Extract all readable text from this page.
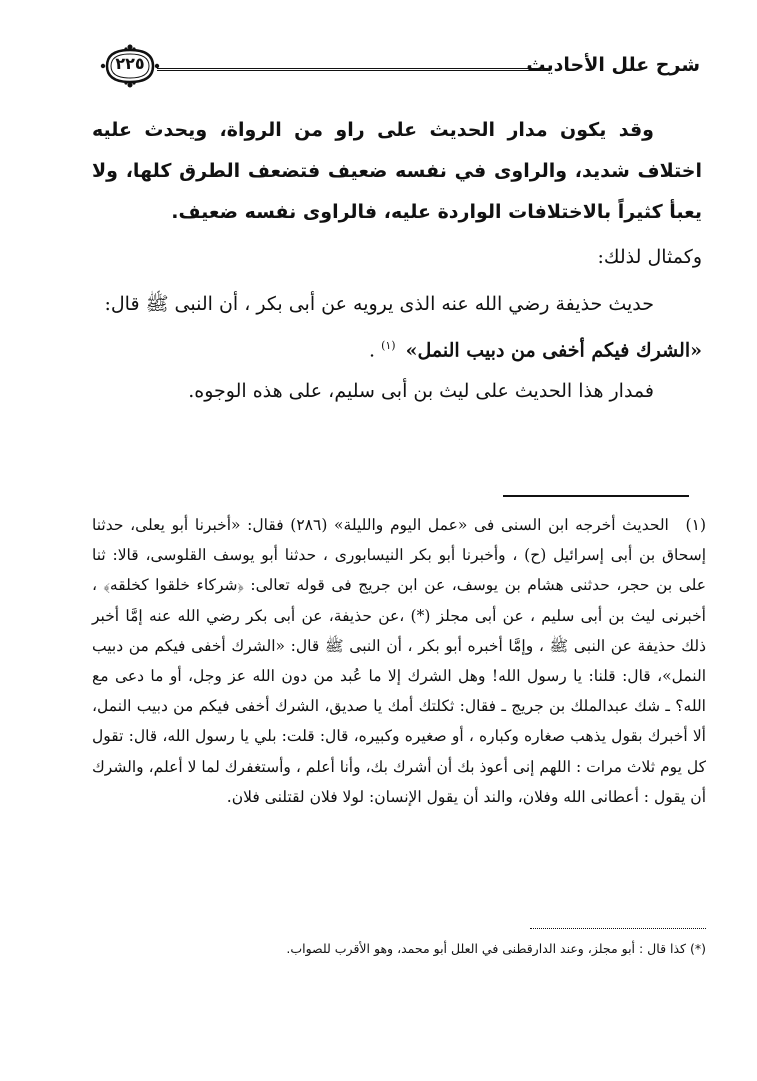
شرح علل الأحاديث
٢٢٥

وقد يكون مدار الحديث على راو من الرواة، ويحدث عليه اختلاف شديد، والراوى في نفسه ضعيف فتضعف الطرق كلها، ولا يعبأ كثيراً بالاختلافات الواردة عليه، فالراوى نفسه ضعيف.

وكمثال لذلك:

حديث حذيفة رضي الله عنه الذى يرويه عن أبى بكر ، أن النبى ﷺ قال:
«الشرك فيكم أخفى من دبيب النمل» $^{(١)}$ .

فمدار هذا الحديث على ليث بن أبى سليم، على هذه الوجوه.

(١) الحديث أخرجه ابن السنى فى «عمل اليوم والليلة» (٢٨٦) فقال: «أخبرنا أبو يعلى، حدثنا إسحاق بن أبى إسرائيل (ح) ، وأخبرنا أبو بكر النيسابورى ، حدثنا أبو يوسف القلوسى، قالا: ثنا على بن حجر، حدثنى هشام بن يوسف، عن ابن جريج فى قوله تعالى: ﴿شركاء خلقوا كخلقه﴾ ، أخبرنى ليث بن أبى سليم ، عن أبى مجلز (*) ،عن حذيفة، عن أبى بكر رضي الله عنه إمَّا أخبر ذلك حذيفة عن النبى ﷺ ، وإمَّا أخبره أبو بكر ، أن النبى ﷺ قال: «الشرك أخفى فيكم من دبيب النمل»، قال: قلنا: يا رسول الله! وهل الشرك إلا ما عُبد من دون الله عز وجل، أو ما دعى مع الله؟ ـ شك عبدالملك بن جريج ـ فقال: ثكلتك أمك يا صديق، الشرك أخفى فيكم من دبيب النمل، ألا أخبرك بقول يذهب صغاره وكباره ، أو صغيره وكبيره، قال: قلت: بلي يا رسول الله، قال: تقول كل يوم ثلاث مرات : اللهم إنى أعوذ بك أن أشرك بك، وأنا أعلم ، وأستغفرك لما لا أعلم، والشرك أن يقول : أعطانى الله وفلان، والند أن يقول الإنسان: لولا فلان لقتلنى فلان.

(*) كذا قال : أبو مجلز، وعند الدارقطنى في العلل أبو محمد، وهو الأقرب للصواب.
